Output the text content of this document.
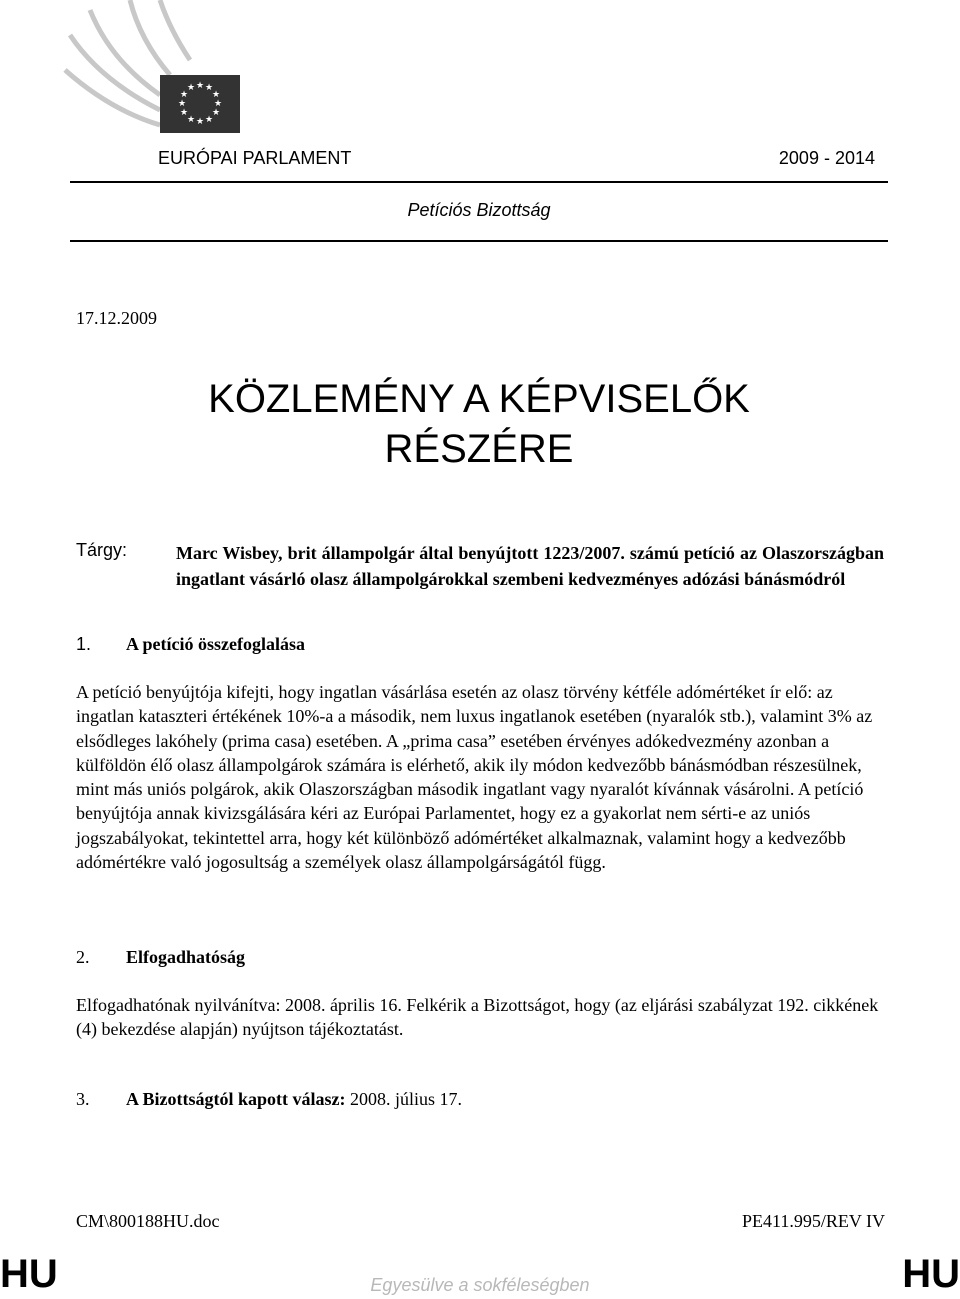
★ ★
★
★
★
★
★
★
★
★
★
★
EURÓPAI PARLAMENT	2009 - 2014
Petíciós Bizottság
17.12.2009
KÖZLEMÉNY A KÉPVISELŐK
RÉSZÉRE
Tárgy:	Marc Wisbey, brit állampolgár által benyújtott 1223/2007. számú petíció az Olaszországban ingatlant vásárló olasz állampolgárokkal szembeni kedvezményes adózási bánásmódról
1. A petíció összefoglalása
A petíció benyújtója kifejti, hogy ingatlan vásárlása esetén az olasz törvény kétféle adómértéket ír elő: az ingatlan kataszteri értékének 10%-a a második, nem luxus ingatlanok esetében (nyaralók stb.), valamint 3% az elsődleges lakóhely (prima casa) esetében. A „prima casa” esetében érvényes adókedvezmény azonban a külföldön élő olasz állampolgárok számára is elérhető, akik ily módon kedvezőbb bánásmódban részesülnek, mint más uniós polgárok, akik Olaszországban második ingatlant vagy nyaralót kívánnak vásárolni. A petíció benyújtója annak kivizsgálására kéri az Európai Parlamentet, hogy ez a gyakorlat nem sérti-e az uniós jogszabályokat, tekintettel arra, hogy két különböző adómértéket alkalmaznak, valamint hogy a kedvezőbb adómértékre való jogosultság a személyek olasz állampolgárságától függ.
2. Elfogadhatóság
Elfogadhatónak nyilvánítva: 2008. április 16. Felkérik a Bizottságot, hogy (az eljárási szabályzat 192. cikkének (4) bekezdése alapján) nyújtson tájékoztatást.
3. A Bizottságtól kapott válasz: 2008. július 17.
CM\800188HU.doc	PE411.995/REV IV
HU	Egyesülve a sokféleségben	HU
